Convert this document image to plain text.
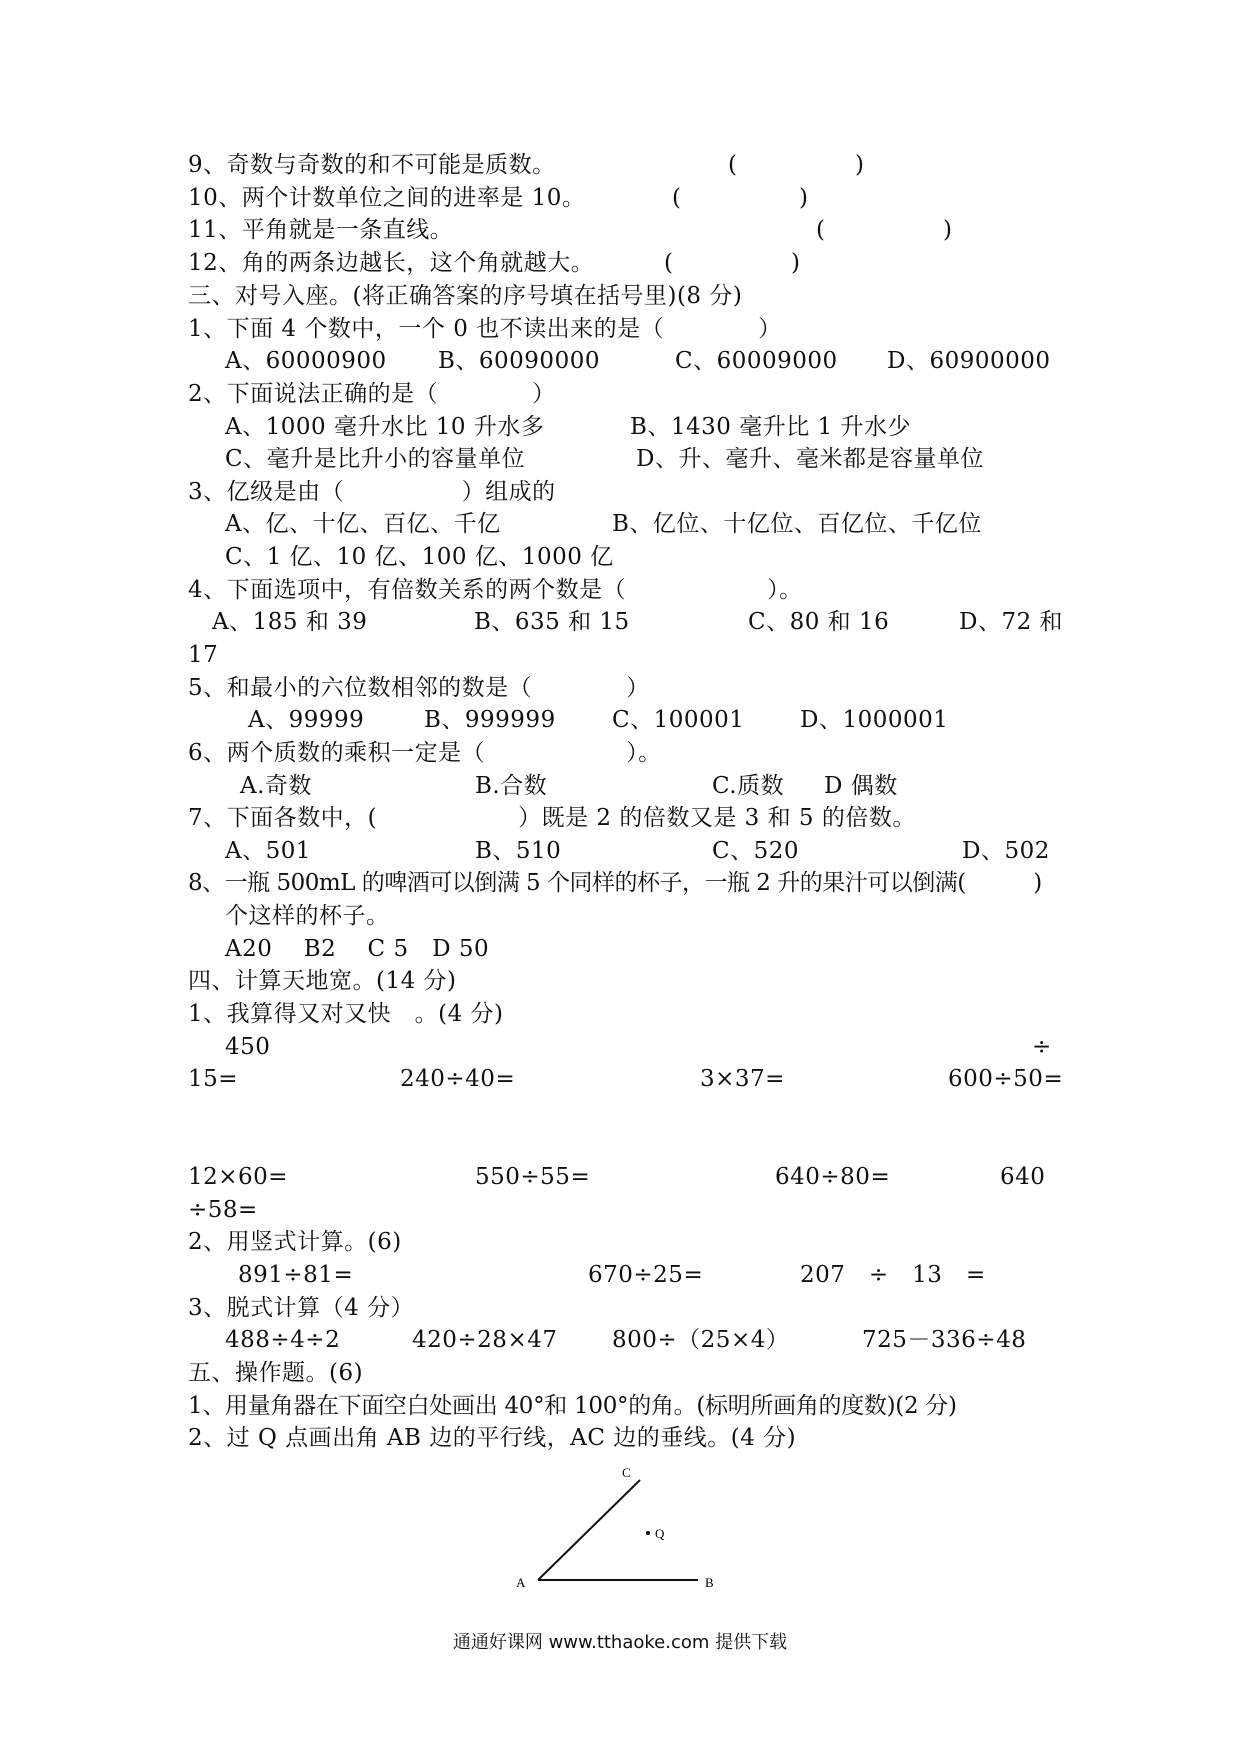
9、奇数与奇数的和不可能是质数。	(　　　　　)
10、两个计数单位之间的进率是 10。	(　　　　　)
11、平角就是一条直线。	(　　　　　)
12、角的两条边越长，这个角就越大。	(　　　　　)
三、对号入座。(将正确答案的序号填在括号里)(8 分)
1、下面 4 个数中，一个 0 也不读出来的是（　　　　）
A、60000900 B、60090000	C、60009000 D、60900000
2、下面说法正确的是（　　　　）
A、1000 毫升水比 10 升水多	B、1430 毫升比 1 升水少
C、毫升是比升小的容量单位	D、升、毫升、毫米都是容量单位
3、亿级是由（　　　　　）组成的
A、亿、十亿、百亿、千亿	B、亿位、十亿位、百亿位、千亿位
C、1 亿、10 亿、100 亿、1000 亿
4、下面选项中，有倍数关系的两个数是（　　　　　　）。
A、185 和 39	B、635 和 15	C、80 和 16	D、72 和
17
5、和最小的六位数相邻的数是（　　　　）
A、99999	B、999999 C、100001 D、1000001
6、两个质数的乘积一定是（　　　　　　）。
A.奇数	B.合数	C.质数 D 偶数
7、下面各数中，(　　　　　　）既是 2 的倍数又是 3 和 5 的倍数。
A、501	B、510	C、520	D、502
8、一瓶 500mL 的啤酒可以倒满 5 个同样的杯子，一瓶 2 升的果汁可以倒满(　　　)
个这样的杯子。
A20　 B2　 C 5　D 50
四、计算天地宽。(14 分)
1、我算得又对又快　。(4 分)
450	÷
15=	240÷40=	3×37=	600÷50=
12×60=	550÷55=	640÷80=	640
÷58=
2、用竖式计算。(6)
891÷81=	670÷25=	207　÷　13　=
3、脱式计算（4 分）
488÷4÷2	420÷28×47 800÷（25×4）	725－336÷48
五、操作题。(6)
1、用量角器在下面空白处画出 40°和 100°的角。(标明所画角的度数)(2 分)
2、过 Q 点画出角 AB 边的平行线，AC 边的垂线。(4 分)
A	B
C
Q
通通好课网 www.tthaoke.com 提供下载
